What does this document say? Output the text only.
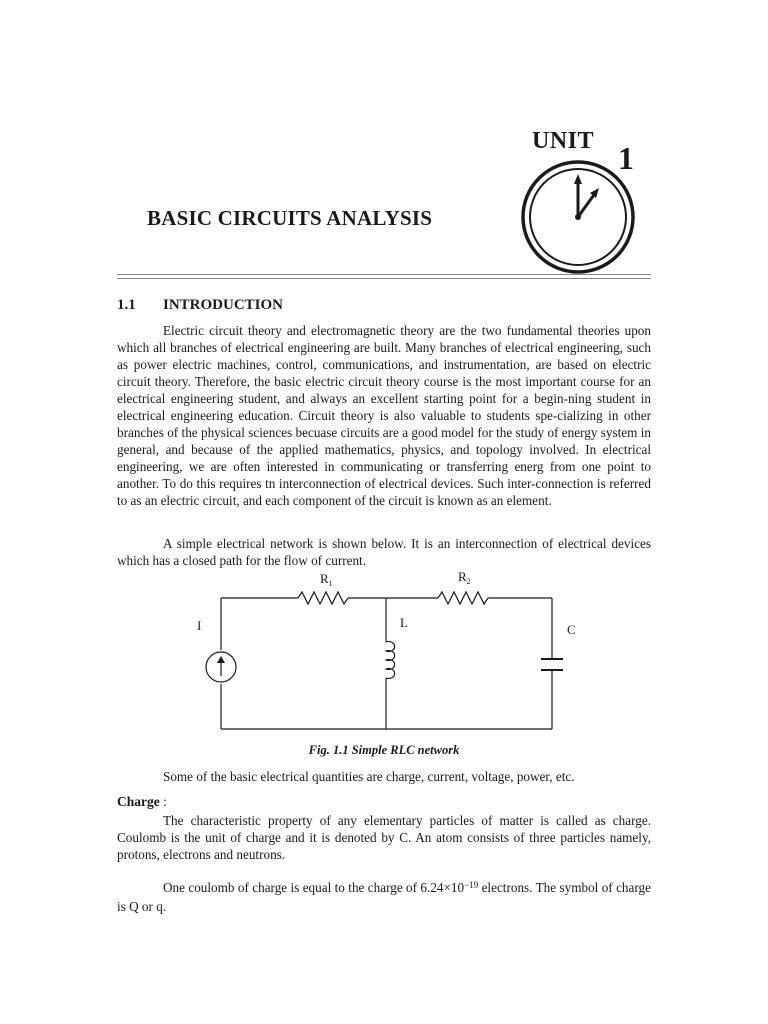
UNIT 1
BASIC CIRCUITS ANALYSIS
1.1 INTRODUCTION

Electric circuit theory and electromagnetic theory are the two fundamental theories upon which all branches of electrical engineering are built. Many branches of electrical engineering, such as power electric machines, control, communications, and instrumentation, are based on electric circuit theory. Therefore, the basic electric circuit theory course is the most important course for an electrical engineering student, and always an excellent starting point for a begin-ning student in electrical engineering education. Circuit theory is also valuable to students spe-cializing in other branches of the physical sciences becuase circuits are a good model for the study of energy system in general, and because of the applied mathematics, physics, and topology involved. In electrical engineering, we are often interested in communicating or transferring energ from one point to another. To do this requires tn interconnection of electrical devices. Such inter-connection is referred to as an electric circuit, and each component of the circuit is known as an element.

A simple electrical network is shown below. It is an interconnection of electrical devices which has a closed path for the flow of current.

$R_1$	$R_2$
I	L	C
Fig. 1.1 Simple RLC network

Some of the basic electrical quantities are charge, current, voltage, power, etc.

Charge :

The characteristic property of any elementary particles of matter is called as charge. Coulomb is the unit of charge and it is denoted by C. An atom consists of three particles namely, protons, electrons and neutrons.

One coulomb of charge is equal to the charge of $6.24\times 10^{-19}$ electrons. The symbol of charge is Q or q.
